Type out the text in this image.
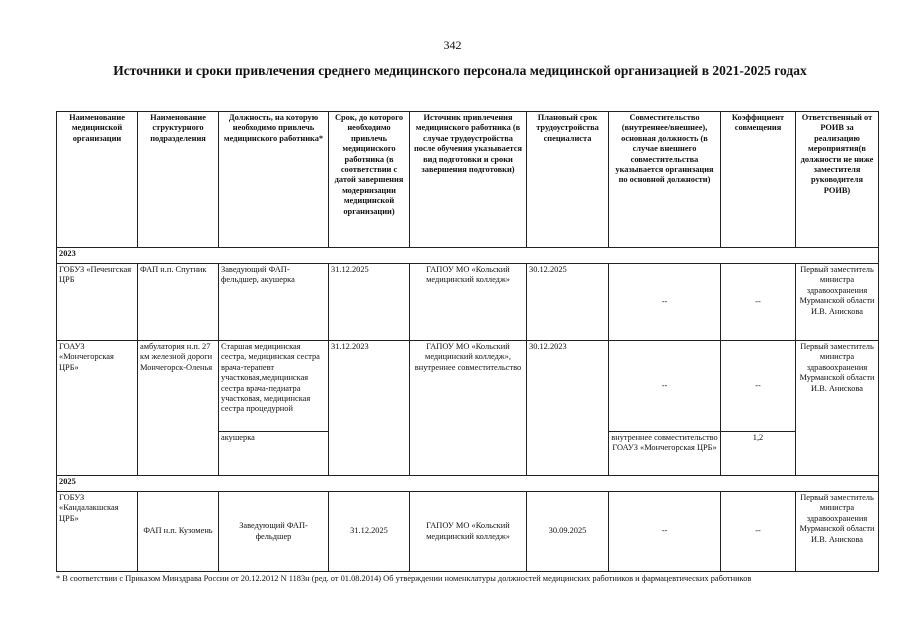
342
Источники и сроки привлечения среднего медицинского персонала медицинской организацией в 2021-2025 годах
Наименование медицинской организации	Наименование структурного подразделения	Должность, на которую необходимо привлечь медицинского работника*	Срок, до которого необходимо привлечь медицинского работника (в соответствии с датой завершения модернизации медицинской организации)	Источник привлечения медицинского работника (в случае трудоустройства после обучения указывается вид подготовки и сроки завершения подготовки)	Плановый срок трудоустройства специалиста	Совместительство (внутреннее/внешнее), основная должность (в случае внешнего совместительства указывается организация по основной должности)	Коэффициент совмещения	Ответственный от РОИВ за реализацию мероприятия(в должности не ниже заместителя руководителя РОИВ)
2023								
ГОБУЗ «Печенгская ЦРБ	ФАП н.п. Спутник	Заведующий ФАП- фельдшер, акушерка	31.12.2025	ГАПОУ МО «Кольский медицинский колледж»	30.12.2025	--	--	Первый заместитель министра здравоохранения Мурманской области И.В. Анискова
ГОАУЗ «Мончегорская ЦРБ»	амбулатория н.п. 27 км железной дороги Мончегорск-Оленья	Старшая медицинская сестра, медицинская сестра врача-терапевт участковая,медицинская сестра врача-педиатра участковая, медицинская сестра процедурной	31.12.2023	ГАПОУ МО «Кольский медицинский колледж», внутреннее совместительство	30.12.2023	--	--	Первый заместитель министра здравоохранения Мурманской области И.В. Анискова
		акушерка				внутреннее совместительство ГОАУЗ «Мончегорская ЦРБ»	1,2	
2025								
ГОБУЗ «Кандалакшская ЦРБ»	ФАП н.п. Кузомень	Заведующий ФАП- фельдшер	31.12.2025	ГАПОУ МО «Кольский медицинский колледж»	30.09.2025	--	--	Первый заместитель министра здравоохранения Мурманской области И.В. Анискова
* В соответствии с Приказом Минздрава России от 20.12.2012 N 1183н (ред. от 01.08.2014) Об утверждении номенклатуры должностей медицинских работников и фармацевтических работников
